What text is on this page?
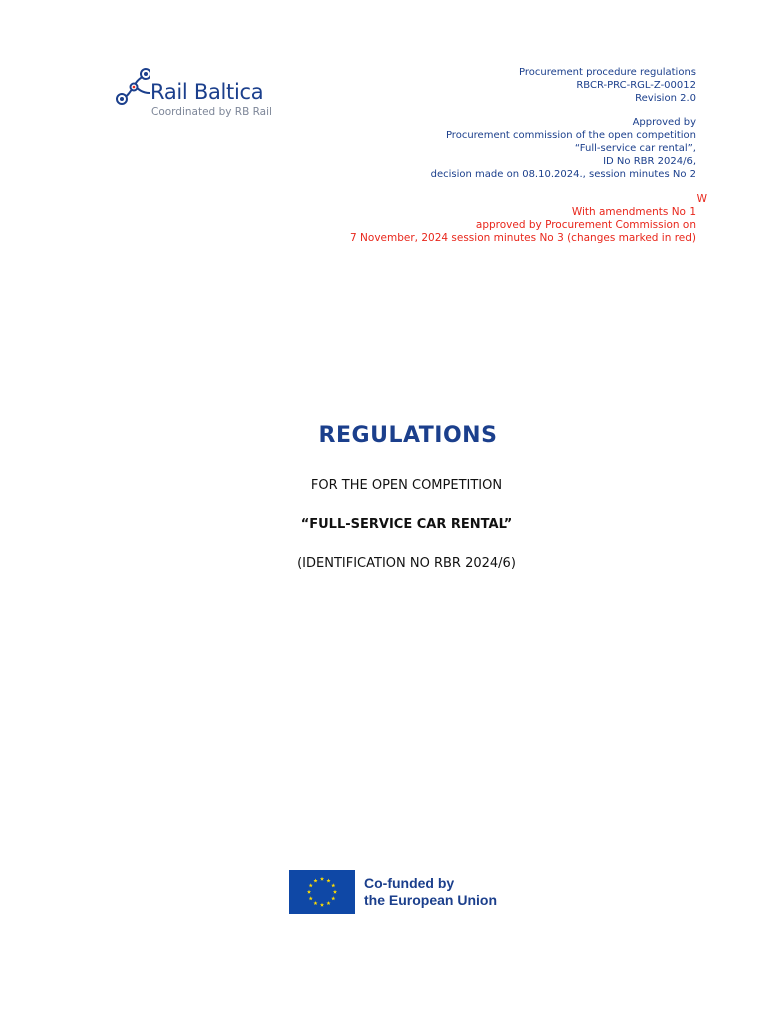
Rail Baltica
Coordinated by RB Rail
Procurement procedure regulations
RBCR-PRC-RGL-Z-00012
Revision 2.0
Approved by
Procurement commission of the open competition
“Full-service car rental”,
ID No RBR 2024/6,
decision made on 08.10.2024., session minutes No 2
W
With amendments No 1
approved by Procurement Commission on
7 November, 2024 session minutes No 3 (changes marked in red)
REGULATIONS
FOR THE OPEN COMPETITION
“FULL-SERVICE CAR RENTAL”
(IDENTIFICATION NO RBR 2024/6)
Co-funded by
the European Union
